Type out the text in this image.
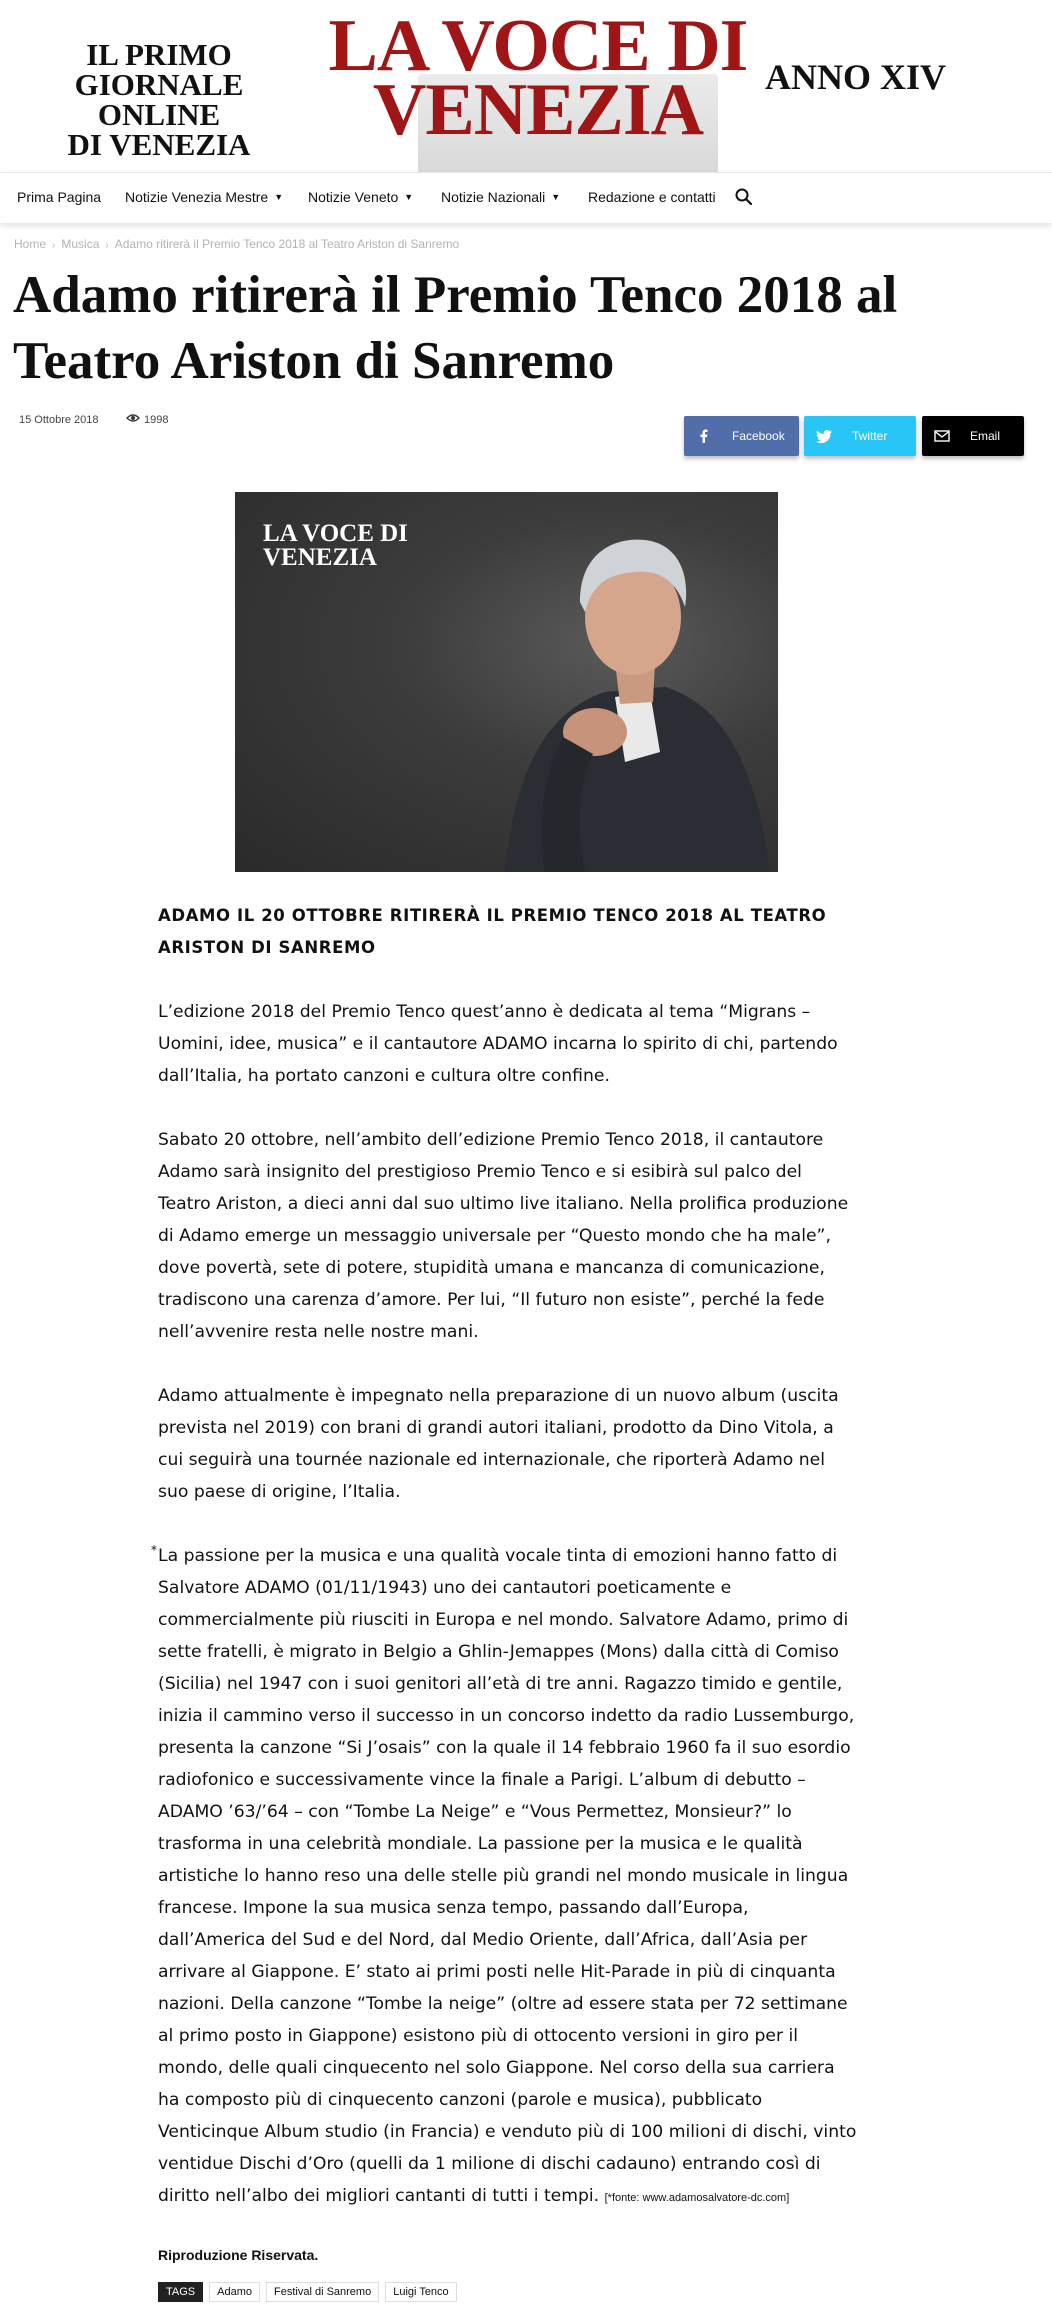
IL PRIMO GIORNALE
ONLINE
DI VENEZIA
LA VOCE DI
VENEZIA	ANNO XIV
Prima Pagina Notizie Venezia Mestre ▼ Notizie Veneto ▼ Notizie Nazionali ▼ Redazione e contatti
Home › Musica › Adamo ritirerà il Premio Tenco 2018 al Teatro Ariston di Sanremo
Adamo ritirerà il Premio Tenco 2018 al Teatro Ariston di Sanremo
15 Ottobre 2018	1998
Facebook	Twitter	Email
LA VOCE DI
VENEZIA

ADAMO IL 20 OTTOBRE RITIRERÀ IL PREMIO TENCO 2018 AL TEATRO ARISTON DI SANREMO

L’edizione 2018 del Premio Tenco quest’anno è dedicata al tema “Migrans – Uomini, idee, musica” e il cantautore ADAMO incarna lo spirito di chi, partendo dall’Italia, ha portato canzoni e cultura oltre confine.

Sabato 20 ottobre, nell’ambito dell’edizione Premio Tenco 2018, il cantautore Adamo sarà insignito del prestigioso Premio Tenco e si esibirà sul palco del Teatro Ariston, a dieci anni dal suo ultimo live italiano. Nella prolifica produzione di Adamo emerge un messaggio universale per “Questo mondo che ha male”, dove povertà, sete di potere, stupidità umana e mancanza di comunicazione, tradiscono una carenza d’amore. Per lui, “Il futuro non esiste”, perché la fede nell’avvenire resta nelle nostre mani.

Adamo attualmente è impegnato nella preparazione di un nuovo album (uscita prevista nel 2019) con brani di grandi autori italiani, prodotto da Dino Vitola, a cui seguirà una tournée nazionale ed internazionale, che riporterà Adamo nel suo paese di origine, l’Italia.

* La passione per la musica e una qualità vocale tinta di emozioni hanno fatto di Salvatore ADAMO (01/11/1943) uno dei cantautori poeticamente e commercialmente più riusciti in Europa e nel mondo. Salvatore Adamo, primo di sette fratelli, è migrato in Belgio a Ghlin-Jemappes (Mons) dalla città di Comiso (Sicilia) nel 1947 con i suoi genitori all’età di tre anni. Ragazzo timido e gentile, inizia il cammino verso il successo in un concorso indetto da radio Lussemburgo, presenta la canzone “Si J’osais” con la quale il 14 febbraio 1960 fa il suo esordio radiofonico e successivamente vince la finale a Parigi. L’album di debutto – ADAMO ’63/’64 – con “Tombe La Neige” e “Vous Permettez, Monsieur?” lo trasforma in una celebrità mondiale. La passione per la musica e le qualità artistiche lo hanno reso una delle stelle più grandi nel mondo musicale in lingua francese. Impone la sua musica senza tempo, passando dall’Europa, dall’America del Sud e del Nord, dal Medio Oriente, dall’Africa, dall’Asia per arrivare al Giappone. E’ stato ai primi posti nelle Hit-Parade in più di cinquanta nazioni. Della canzone “Tombe la neige” (oltre ad essere stata per 72 settimane al primo posto in Giappone) esistono più di ottocento versioni in giro per il mondo, delle quali cinquecento nel solo Giappone. Nel corso della sua carriera ha composto più di cinquecento canzoni (parole e musica), pubblicato Venticinque Album studio (in Francia) e venduto più di 100 milioni di dischi, vinto ventidue Dischi d’Oro (quelli da 1 milione di dischi cadauno) entrando così di diritto nell’albo dei migliori cantanti di tutti i tempi. [*fonte: www.adamosalvatore-dc.com]

Riproduzione Riservata.
TAGS	Adamo	Festival di Sanremo	Luigi Tenco
